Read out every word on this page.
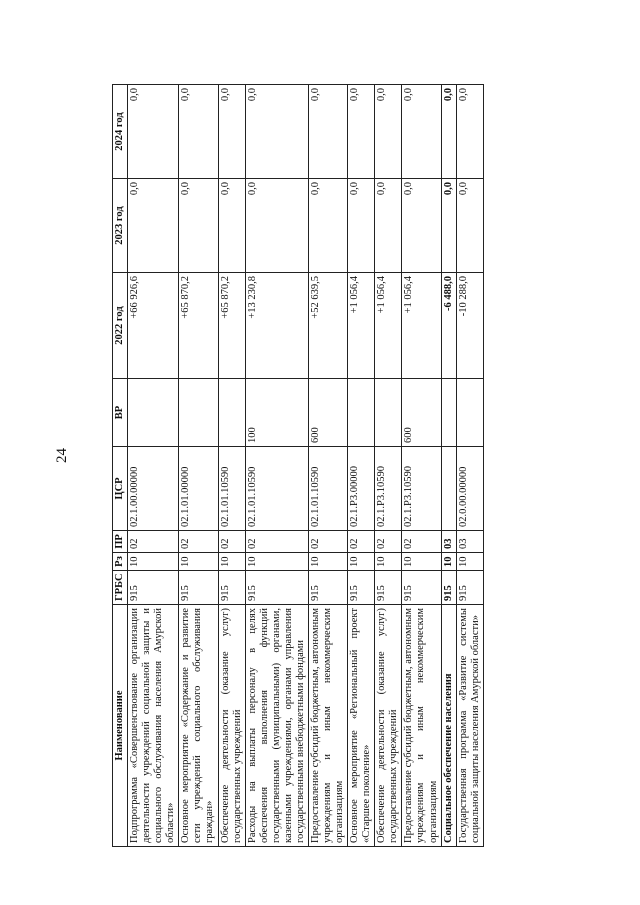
24
Наименование	ГРБС	Рз	ПР	ЦСР	ВР	2022 год	2023 год	2024 год
Подпрограмма «Совершенствование организации деятельности учреждений социальной защиты и социального обслуживания населения Амурской области»	915	10	02	02.1.00.00000		+66 926,6	0,0	0,0
Основное мероприятие «Содержание и развитие сети учреждений социального обслуживания граждан»	915	10	02	02.1.01.00000		+65 870,2	0,0	0,0
Обеспечение деятельности (оказание услуг) государственных учреждений	915	10	02	02.1.01.10590		+65 870,2	0,0	0,0
Расходы на выплаты персоналу в целях обеспечения выполнения функций государственными (муниципальными) органами, казенными учреждениями, органами управления государственными внебюджетными фондами	915	10	02	02.1.01.10590	100	+13 230,8	0,0	0,0
Предоставление субсидий бюджетным, автономным учреждениям и иным некоммерческим организациям	915	10	02	02.1.01.10590	600	+52 639,5	0,0	0,0
Основное мероприятие «Региональный проект «Старшее поколение»	915	10	02	02.1.P3.00000		+1 056,4	0,0	0,0
Обеспечение деятельности (оказание услуг) государственных учреждений	915	10	02	02.1.P3.10590		+1 056,4	0,0	0,0
Предоставление субсидий бюджетным, автономным учреждениям и иным некоммерческим организациям	915	10	02	02.1.P3.10590	600	+1 056,4	0,0	0,0
Социальное обеспечение населения	915	10	03			-6 488,0	0,0	0,0
Государственная программа «Развитие системы социальной защиты населения Амурской области»	915	10	03	02.0.00.00000		-10 288,0	0,0	0,0
